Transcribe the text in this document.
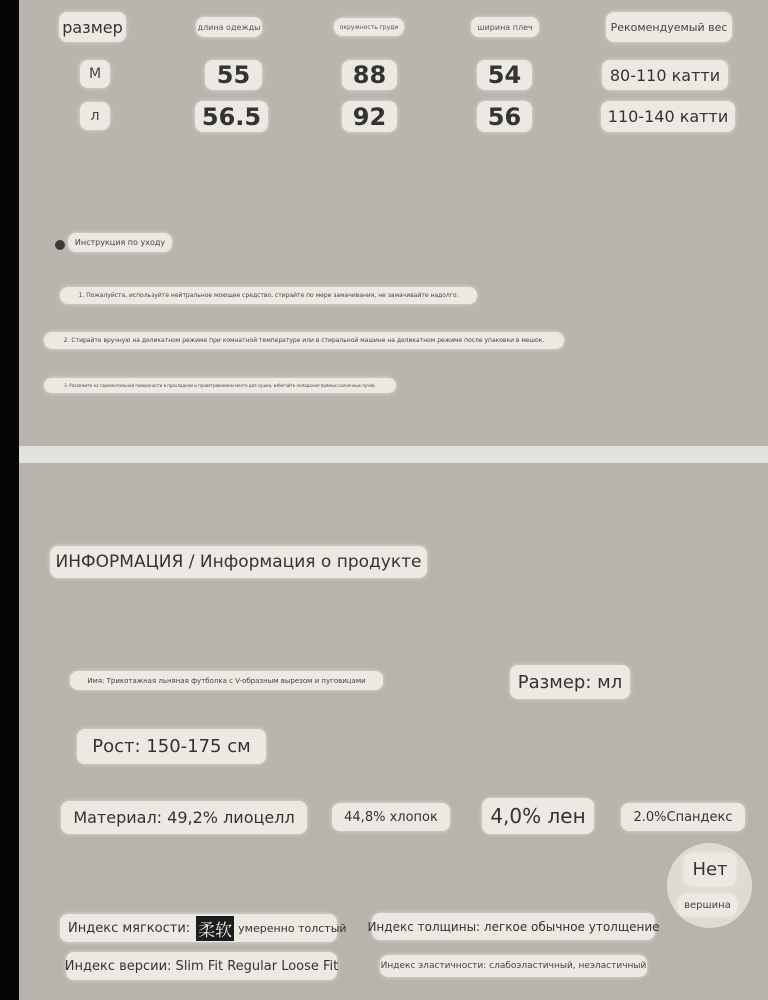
размер	длина одежды	окружность груди	ширина плеч	Рекомендуемый вес
M	55	88	54	80-110 катти
л	56.5	92	56	110-140 катти
Инструкция по уходу
1. Пожалуйста, используйте нейтральное моющее средство, стирайте по мере замачивания, не замачивайте надолго.
2. Стирайте вручную на деликатном режиме при комнатной температуре или в стиральной машине на деликатном режиме после упаковки в мешок.
3. Разложите на горизонтальной поверхности в прохладном и проветриваемом месте для сушки, избегайте попадания прямых солнечных лучей.
ИНФОРМАЦИЯ / Информация о продукте
Имя: Трикотажная льняная футболка с V-образным вырезом и пуговицами	Размер: мл
Рост: 150-175 см
Материал: 49,2% лиоцелл	44,8% хлопок	4,0% лен	2.0%Спандекс
Нет
вершина
Индекс мягкости: 柔软 умеренно толстый Индекс толщины: легкое обычное утолщение
Индекс версии: Slim Fit Regular Loose Fit	Индекс эластичности: слабоэластичный, неэластичный
